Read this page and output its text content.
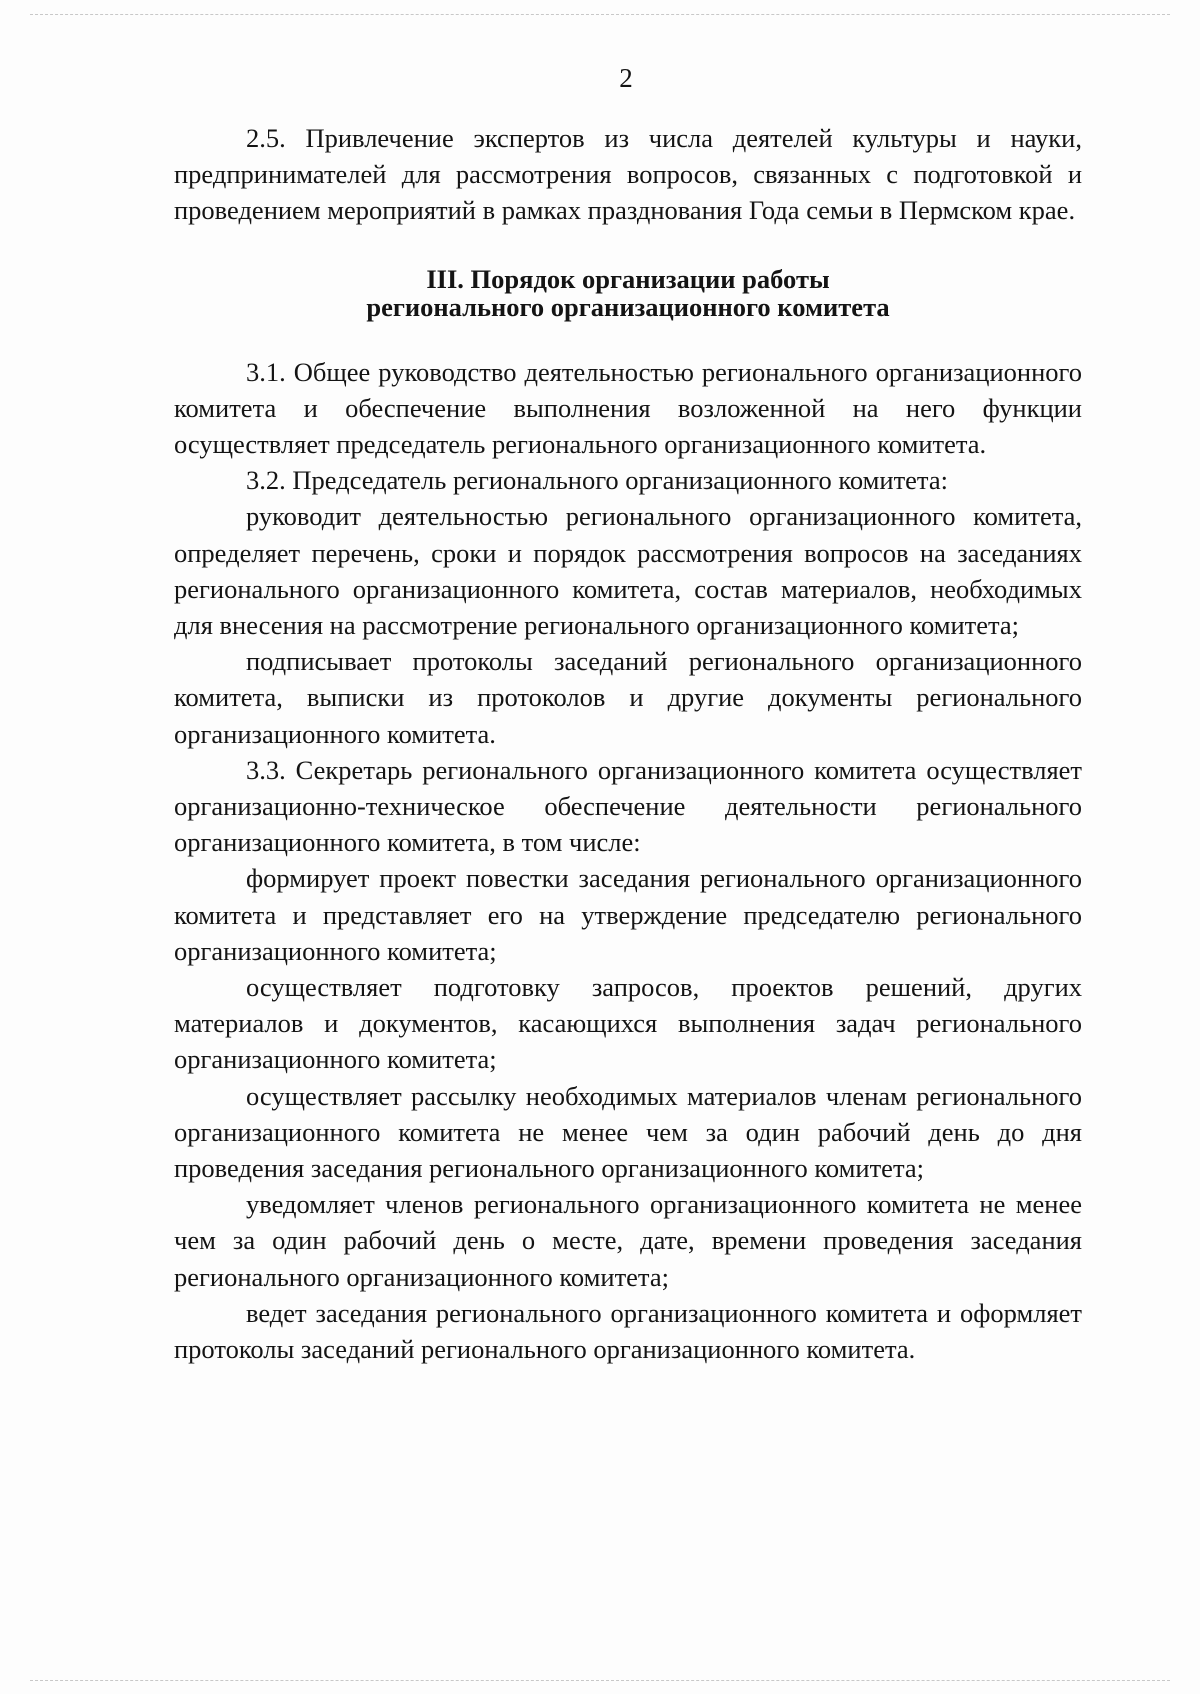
2

2.5. Привлечение экспертов из числа деятелей культуры и науки, предпринимателей для рассмотрения вопросов, связанных с подготовкой и проведением мероприятий в рамках празднования Года семьи в Пермском крае.

III. Порядок организации работы
регионального организационного комитета

3.1. Общее руководство деятельностью регионального организационного комитета и обеспечение выполнения возложенной на него функции осуществляет председатель регионального организационного комитета.

3.2. Председатель регионального организационного комитета:

руководит деятельностью регионального организационного комитета, определяет перечень, сроки и порядок рассмотрения вопросов на заседаниях регионального организационного комитета, состав материалов, необходимых для внесения на рассмотрение регионального организационного комитета;

подписывает протоколы заседаний регионального организационного комитета, выписки из протоколов и другие документы регионального организационного комитета.

3.3. Секретарь регионального организационного комитета осуществляет организационно-техническое обеспечение деятельности регионального организационного комитета, в том числе:

формирует проект повестки заседания регионального организационного комитета и представляет его на утверждение председателю регионального организационного комитета;

осуществляет подготовку запросов, проектов решений, других материалов и документов, касающихся выполнения задач регионального организационного комитета;

осуществляет рассылку необходимых материалов членам регионального организационного комитета не менее чем за один рабочий день до дня проведения заседания регионального организационного комитета;

уведомляет членов регионального организационного комитета не менее чем за один рабочий день о месте, дате, времени проведения заседания регионального организационного комитета;

ведет заседания регионального организационного комитета и оформляет протоколы заседаний регионального организационного комитета.
